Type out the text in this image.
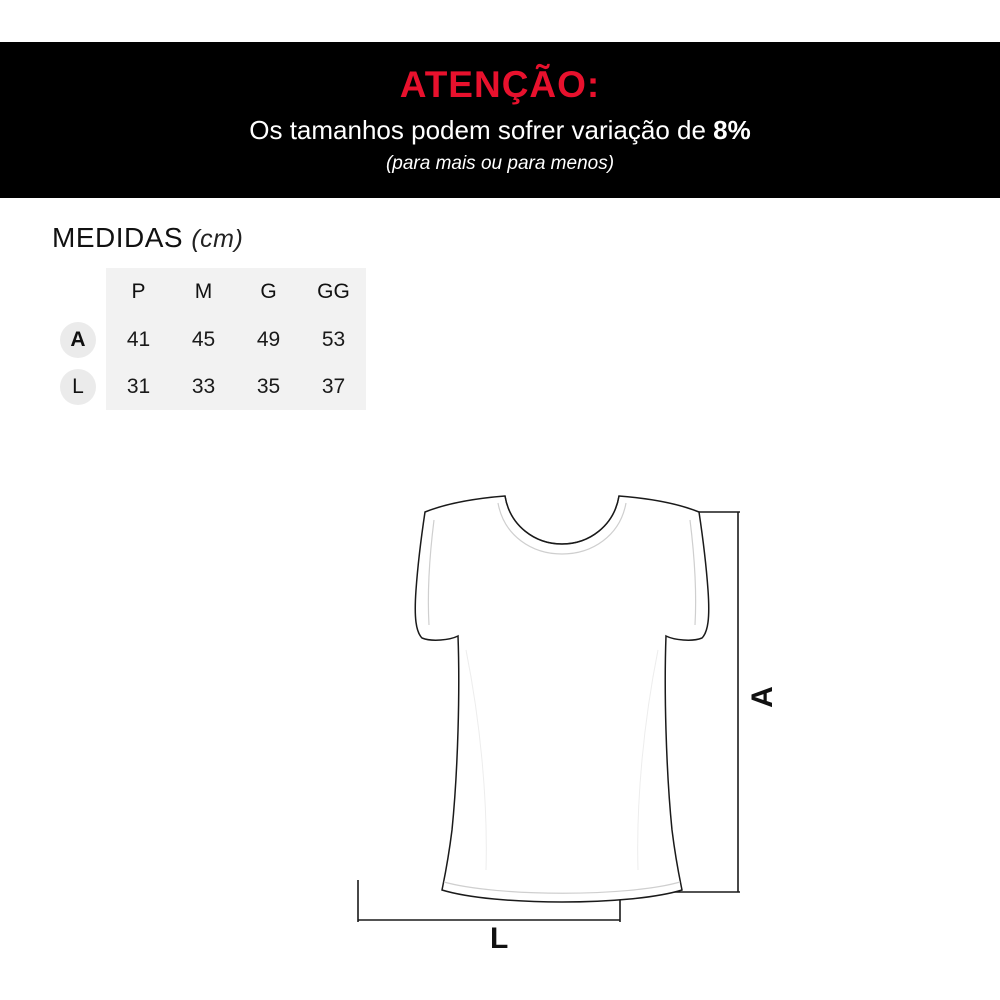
ATENÇÃO:
Os tamanhos podem sofrer variação de 8%
(para mais ou para menos)
MEDIDAS (cm)
	P	M	G	GG
A	41	45	49	53
L	31	33	35	37
A
L
